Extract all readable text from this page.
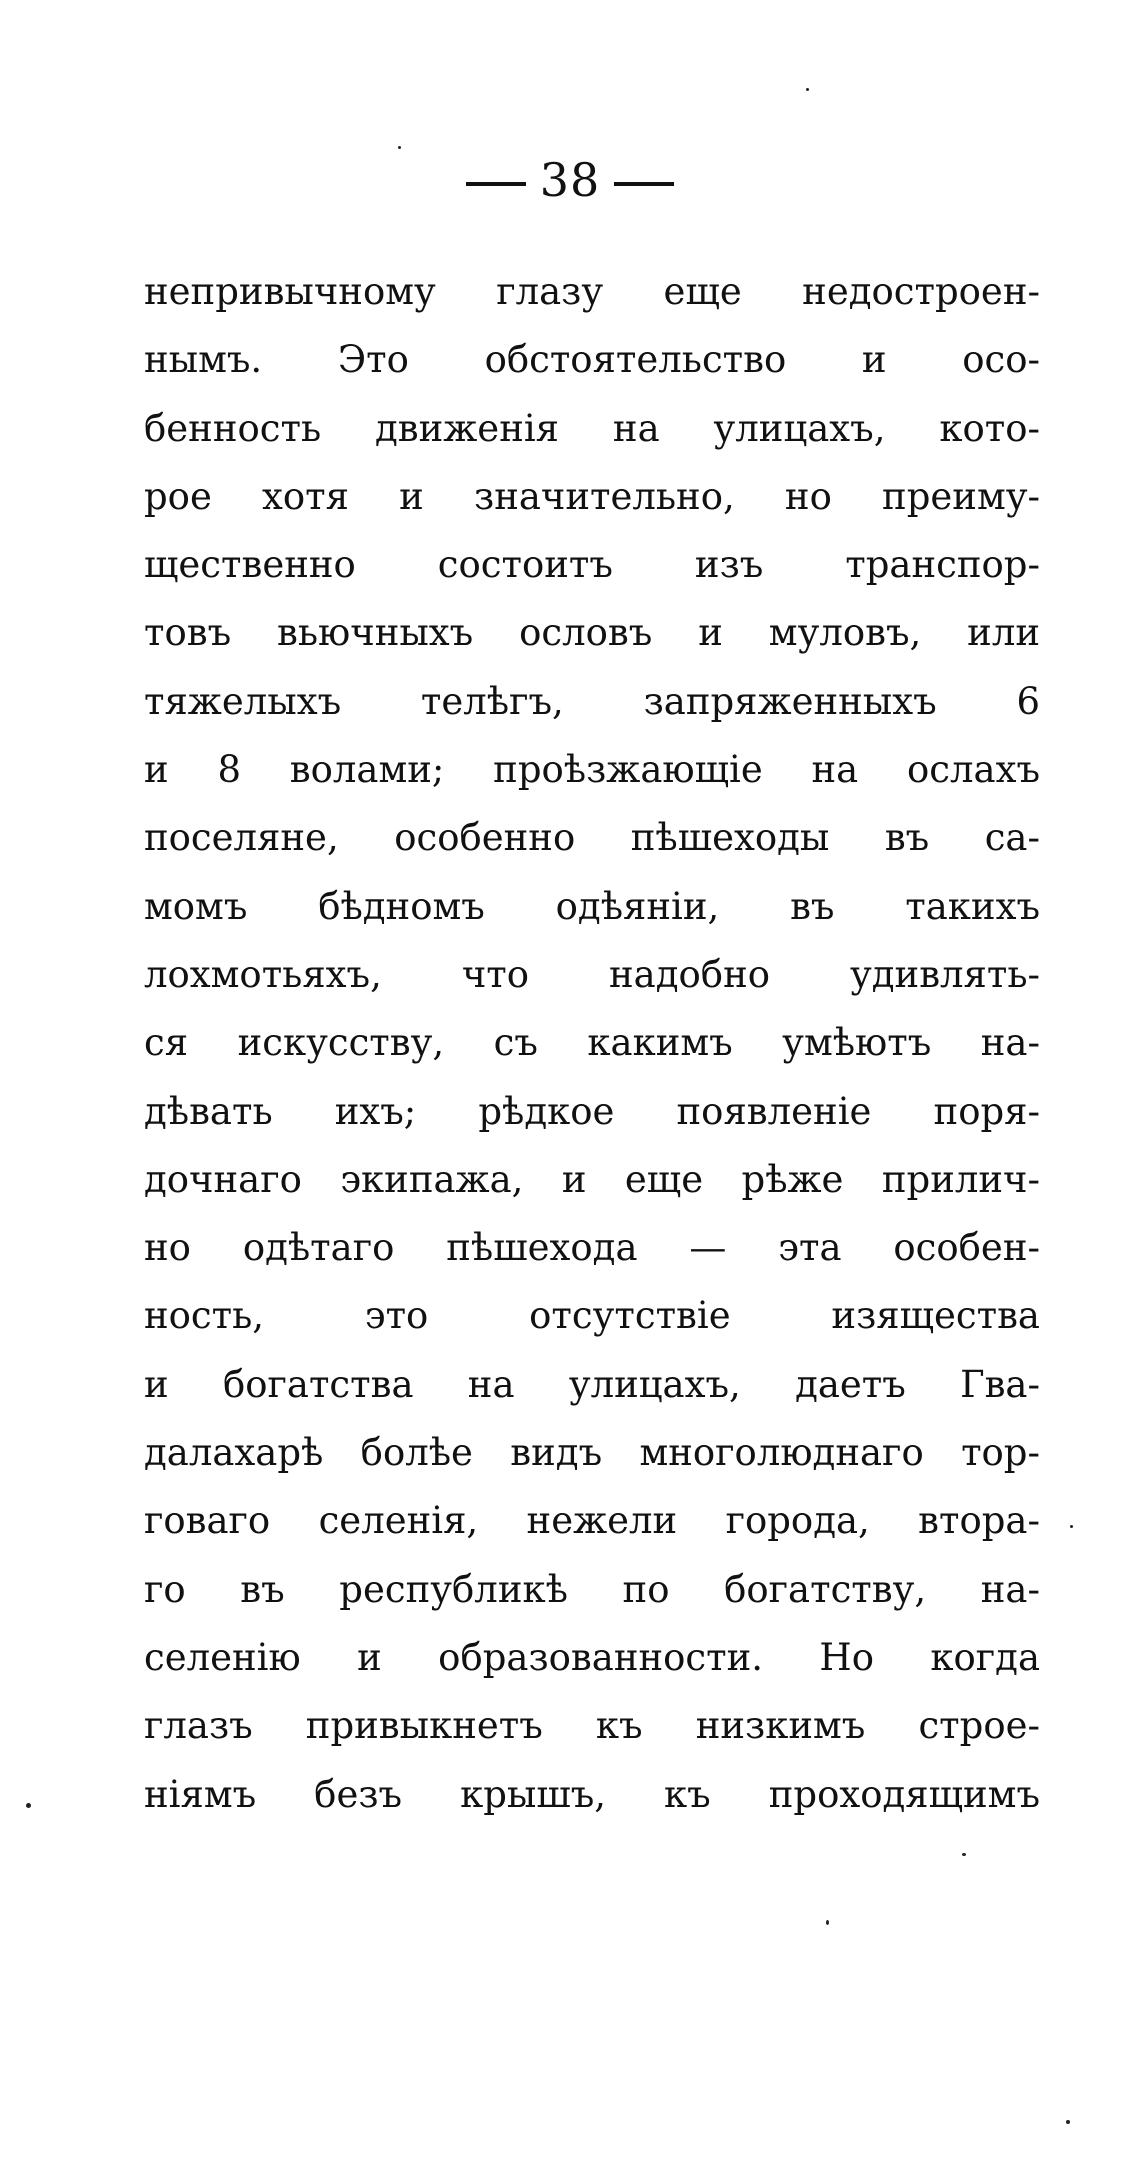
38
непривычному глазу еще недостроен-
нымъ. Это обстоятельство и осо-
бенность движенія на улицахъ, кото-
рое хотя и значительно, но преиму-
щественно состоитъ изъ транспор-
товъ вьючныхъ ословъ и муловъ, или
тяжелыхъ телѣгъ, запряженныхъ 6
и 8 волами; проѣзжающіе на ослахъ
поселяне, особенно пѣшеходы въ са-
момъ бѣдномъ одѣяніи, въ такихъ
лохмотьяхъ, что надобно удивлять-
ся искусству, съ какимъ умѣютъ на-
дѣвать ихъ; рѣдкое появленіе поря-
дочнаго экипажа, и еще рѣже прилич-
но одѣтаго пѣшехода — эта особен-
ность, это отсутствіе изящества
и богатства на улицахъ, даетъ Гва-
далахарѣ болѣе видъ многолюднаго тор-
говаго селенія, нежели города, втора-
го въ республикѣ по богатству, на-
селенію и образованности. Но когда
глазъ привыкнетъ къ низкимъ строе-
ніямъ безъ крышъ, къ проходящимъ
